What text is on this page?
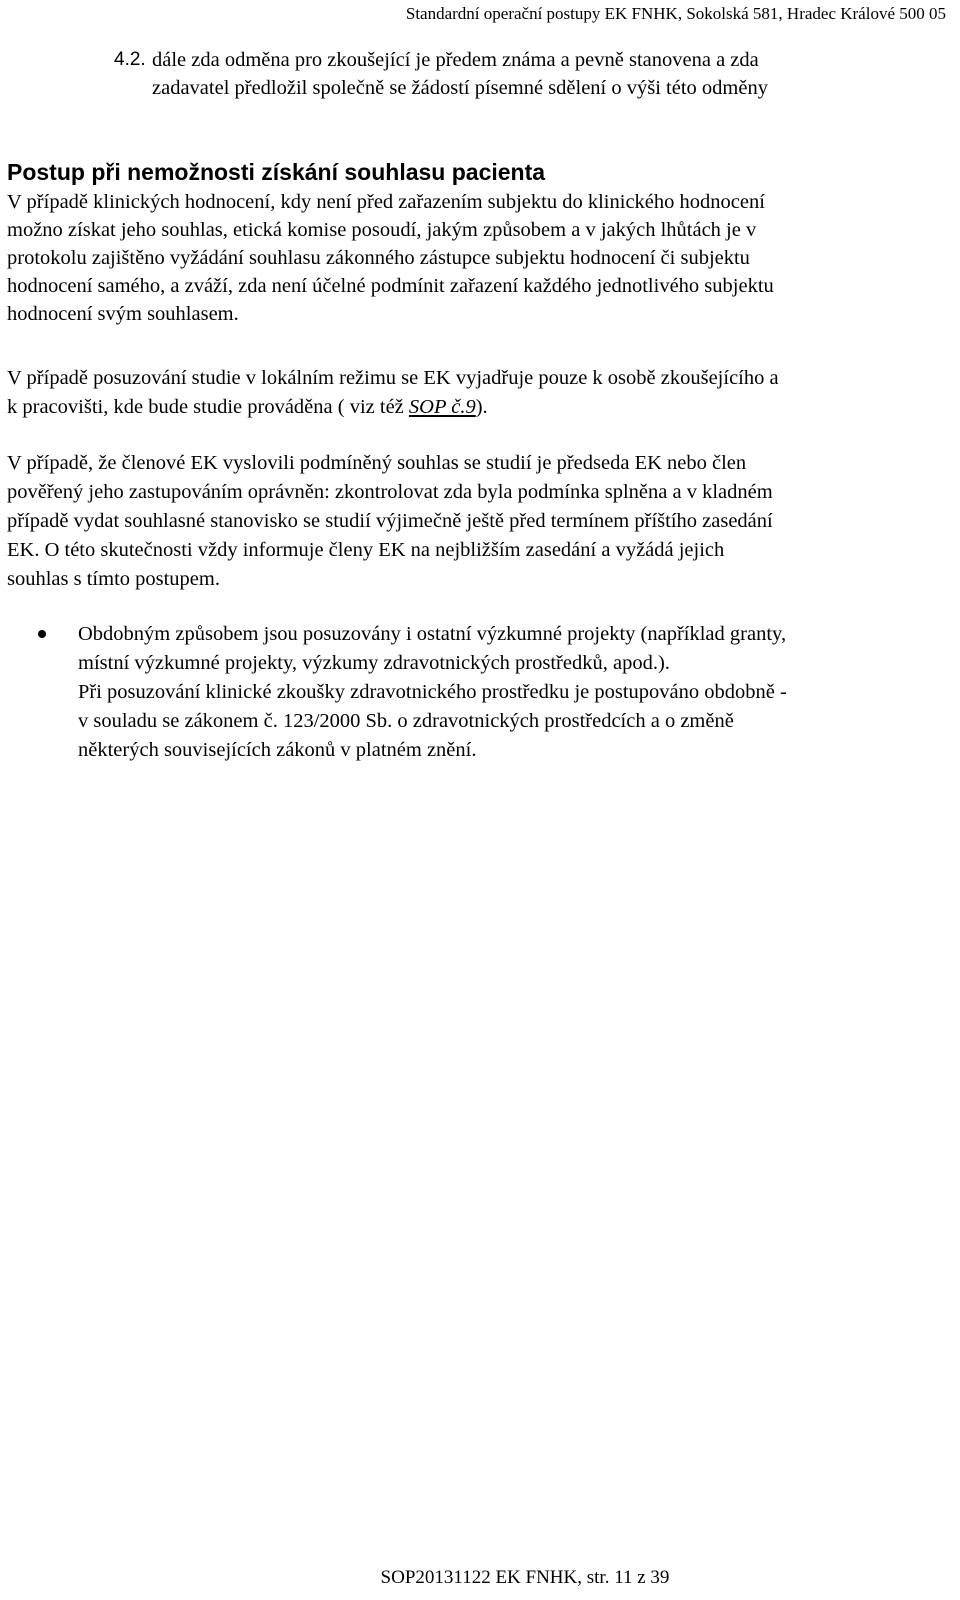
Standardní operační postupy EK FNHK, Sokolská 581, Hradec Králové 500 05
4.2. dále zda odměna pro zkoušející je předem známa a pevně stanovena a zda
zadavatel předložil společně se žádostí písemné sdělení o výši této odměny
Postup při nemožnosti získání souhlasu pacienta
V případě klinických hodnocení, kdy není před zařazením subjektu do klinického hodnocení
možno získat jeho souhlas, etická komise posoudí, jakým způsobem a v jakých lhůtách je v
protokolu zajištěno vyžádání souhlasu zákonného zástupce subjektu hodnocení či subjektu
hodnocení samého, a zváží, zda není účelné podmínit zařazení každého jednotlivého subjektu
hodnocení svým souhlasem.
V případě posuzování studie v lokálním režimu se EK vyjadřuje pouze k osobě zkoušejícího a
k pracovišti, kde bude studie prováděna ( viz též SOP č.9).
V případě, že členové EK vyslovili podmíněný souhlas se studií je předseda EK nebo člen
pověřený jeho zastupováním oprávněn: zkontrolovat zda byla podmínka splněna a v kladném
případě vydat souhlasné stanovisko se studií výjimečně ještě před termínem příštího zasedání
EK. O této skutečnosti vždy informuje členy EK na nejbližším zasedání a vyžádá jejich
souhlas s tímto postupem.
Obdobným způsobem jsou posuzovány i ostatní výzkumné projekty (například granty,
místní výzkumné projekty, výzkumy zdravotnických prostředků, apod.).
Při posuzování klinické zkoušky zdravotnického prostředku je postupováno obdobně -
v souladu se zákonem č. 123/2000 Sb. o zdravotnických prostředcích a o změně
některých souvisejících zákonů v platném znění.
SOP20131122 EK FNHK, str. 11 z 39
